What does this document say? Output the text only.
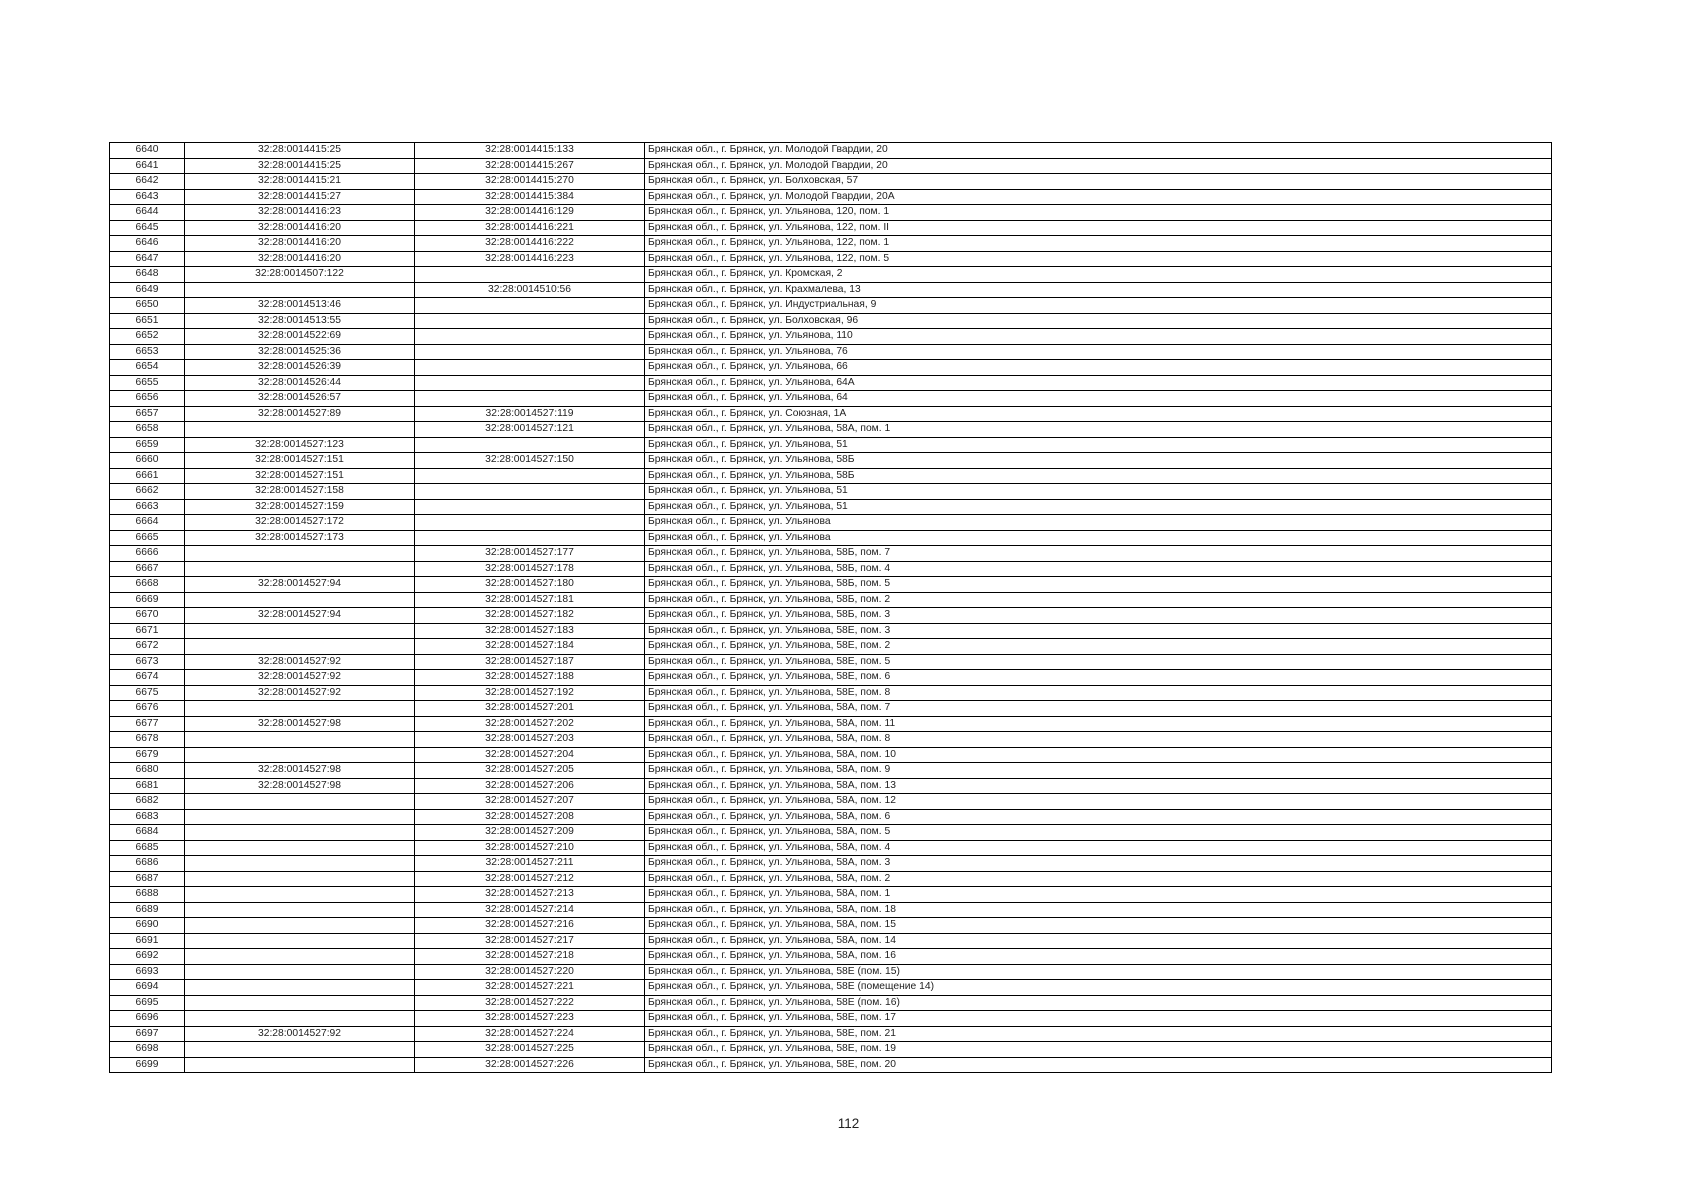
6640	32:28:0014415:25	32:28:0014415:133	Брянская обл., г. Брянск, ул. Молодой Гвардии, 20
6641	32:28:0014415:25	32:28:0014415:267	Брянская обл., г. Брянск, ул. Молодой Гвардии, 20
6642	32:28:0014415:21	32:28:0014415:270	Брянская обл., г. Брянск, ул. Болховская, 57
6643	32:28:0014415:27	32:28:0014415:384	Брянская обл., г. Брянск, ул. Молодой Гвардии, 20А
6644	32:28:0014416:23	32:28:0014416:129	Брянская обл., г. Брянск, ул. Ульянова, 120, пом. 1
6645	32:28:0014416:20	32:28:0014416:221	Брянская обл., г. Брянск, ул. Ульянова, 122, пом. II
6646	32:28:0014416:20	32:28:0014416:222	Брянская обл., г. Брянск, ул. Ульянова, 122, пом. 1
6647	32:28:0014416:20	32:28:0014416:223	Брянская обл., г. Брянск, ул. Ульянова, 122, пом. 5
6648	32:28:0014507:122		Брянская обл., г. Брянск, ул. Кромская, 2
6649		32:28:0014510:56	Брянская обл., г. Брянск, ул. Крахмалева, 13
6650	32:28:0014513:46		Брянская обл., г. Брянск, ул. Индустриальная, 9
6651	32:28:0014513:55		Брянская обл., г. Брянск, ул. Болховская, 96
6652	32:28:0014522:69		Брянская обл., г. Брянск, ул. Ульянова, 110
6653	32:28:0014525:36		Брянская обл., г. Брянск, ул. Ульянова, 76
6654	32:28:0014526:39		Брянская обл., г. Брянск, ул. Ульянова, 66
6655	32:28:0014526:44		Брянская обл., г. Брянск, ул. Ульянова, 64А
6656	32:28:0014526:57		Брянская обл., г. Брянск, ул. Ульянова, 64
6657	32:28:0014527:89	32:28:0014527:119	Брянская обл., г. Брянск, ул. Союзная, 1А
6658		32:28:0014527:121	Брянская обл., г. Брянск, ул. Ульянова, 58А, пом. 1
6659	32:28:0014527:123		Брянская обл., г. Брянск, ул. Ульянова, 51
6660	32:28:0014527:151	32:28:0014527:150	Брянская обл., г. Брянск, ул. Ульянова, 58Б
6661	32:28:0014527:151		Брянская обл., г. Брянск, ул. Ульянова, 58Б
6662	32:28:0014527:158		Брянская обл., г. Брянск, ул. Ульянова, 51
6663	32:28:0014527:159		Брянская обл., г. Брянск, ул. Ульянова, 51
6664	32:28:0014527:172		Брянская обл., г. Брянск, ул. Ульянова
6665	32:28:0014527:173		Брянская обл., г. Брянск, ул. Ульянова
6666		32:28:0014527:177	Брянская обл., г. Брянск, ул. Ульянова, 58Б, пом. 7
6667		32:28:0014527:178	Брянская обл., г. Брянск, ул. Ульянова, 58Б, пом. 4
6668	32:28:0014527:94	32:28:0014527:180	Брянская обл., г. Брянск, ул. Ульянова, 58Б, пом. 5
6669		32:28:0014527:181	Брянская обл., г. Брянск, ул. Ульянова, 58Б, пом. 2
6670	32:28:0014527:94	32:28:0014527:182	Брянская обл., г. Брянск, ул. Ульянова, 58Б, пом. 3
6671		32:28:0014527:183	Брянская обл., г. Брянск, ул. Ульянова, 58Е, пом. 3
6672		32:28:0014527:184	Брянская обл., г. Брянск, ул. Ульянова, 58Е, пом. 2
6673	32:28:0014527:92	32:28:0014527:187	Брянская обл., г. Брянск, ул. Ульянова, 58Е, пом. 5
6674	32:28:0014527:92	32:28:0014527:188	Брянская обл., г. Брянск, ул. Ульянова, 58Е, пом. 6
6675	32:28:0014527:92	32:28:0014527:192	Брянская обл., г. Брянск, ул. Ульянова, 58Е, пом. 8
6676		32:28:0014527:201	Брянская обл., г. Брянск, ул. Ульянова, 58А, пом. 7
6677	32:28:0014527:98	32:28:0014527:202	Брянская обл., г. Брянск, ул. Ульянова, 58А, пом. 11
6678		32:28:0014527:203	Брянская обл., г. Брянск, ул. Ульянова, 58А, пом. 8
6679		32:28:0014527:204	Брянская обл., г. Брянск, ул. Ульянова, 58А, пом. 10
6680	32:28:0014527:98	32:28:0014527:205	Брянская обл., г. Брянск, ул. Ульянова, 58А, пом. 9
6681	32:28:0014527:98	32:28:0014527:206	Брянская обл., г. Брянск, ул. Ульянова, 58А, пом. 13
6682		32:28:0014527:207	Брянская обл., г. Брянск, ул. Ульянова, 58А, пом. 12
6683		32:28:0014527:208	Брянская обл., г. Брянск, ул. Ульянова, 58А, пом. 6
6684		32:28:0014527:209	Брянская обл., г. Брянск, ул. Ульянова, 58А, пом. 5
6685		32:28:0014527:210	Брянская обл., г. Брянск, ул. Ульянова, 58А, пом. 4
6686		32:28:0014527:211	Брянская обл., г. Брянск, ул. Ульянова, 58А, пом. 3
6687		32:28:0014527:212	Брянская обл., г. Брянск, ул. Ульянова, 58А, пом. 2
6688		32:28:0014527:213	Брянская обл., г. Брянск, ул. Ульянова, 58А, пом. 1
6689		32:28:0014527:214	Брянская обл., г. Брянск, ул. Ульянова, 58А, пом. 18
6690		32:28:0014527:216	Брянская обл., г. Брянск, ул. Ульянова, 58А, пом. 15
6691		32:28:0014527:217	Брянская обл., г. Брянск, ул. Ульянова, 58А, пом. 14
6692		32:28:0014527:218	Брянская обл., г. Брянск, ул. Ульянова, 58А, пом. 16
6693		32:28:0014527:220	Брянская обл., г. Брянск, ул. Ульянова, 58Е (пом. 15)
6694		32:28:0014527:221	Брянская обл., г. Брянск, ул. Ульянова, 58Е (помещение 14)
6695		32:28:0014527:222	Брянская обл., г. Брянск, ул. Ульянова, 58Е (пом. 16)
6696		32:28:0014527:223	Брянская обл., г. Брянск, ул. Ульянова, 58Е, пом. 17
6697	32:28:0014527:92	32:28:0014527:224	Брянская обл., г. Брянск, ул. Ульянова, 58Е, пом. 21
6698		32:28:0014527:225	Брянская обл., г. Брянск, ул. Ульянова, 58Е, пом. 19
6699		32:28:0014527:226	Брянская обл., г. Брянск, ул. Ульянова, 58Е, пом. 20
112
